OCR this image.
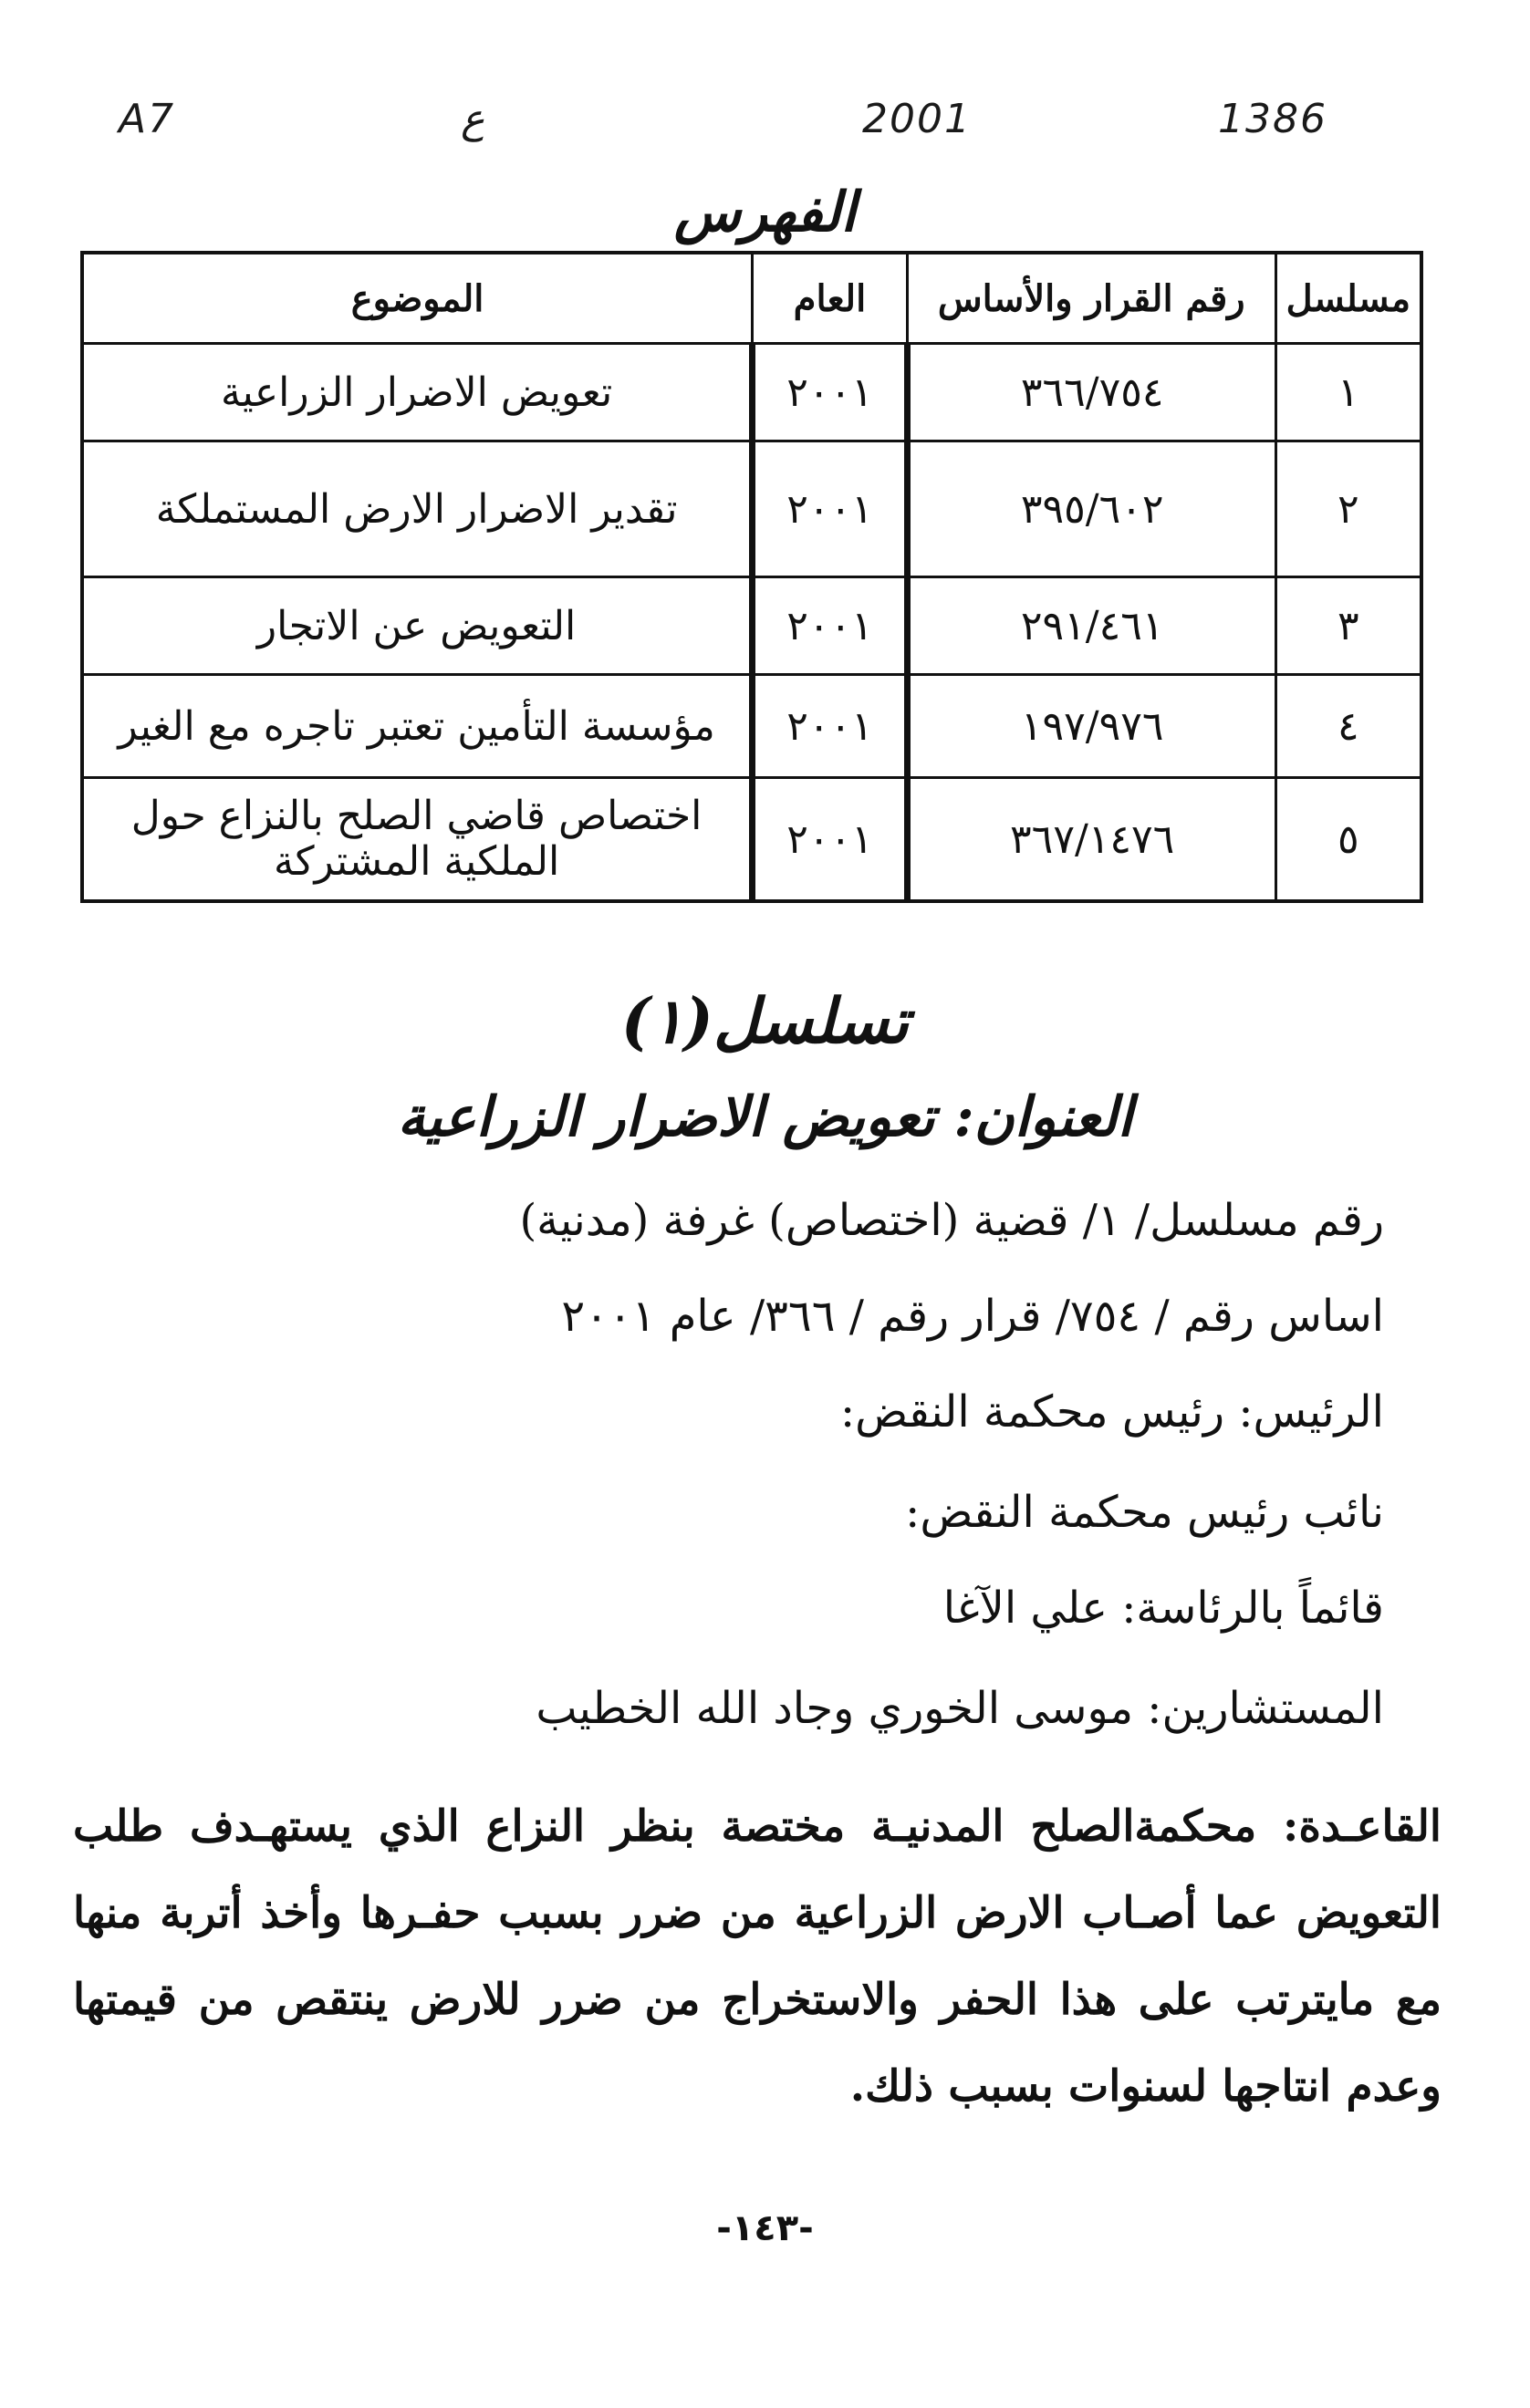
A7	ع	2001	1386
الفهرس
مسلسل	رقم القرار والأساس	العام	الموضوع
١	٣٦٦/٧٥٤	٢٠٠١	تعويض الاضرار الزراعية
٢	٣٩٥/٦٠٢	٢٠٠١	تقدير الاضرار الارض المستملكة
٣	٢٩١/٤٦١	٢٠٠١	التعويض عن الاتجار
٤	١٩٧/٩٧٦	٢٠٠١	مؤسسة التأمين تعتبر تاجره مع الغير
٥	٣٦٧/١٤٧٦	٢٠٠١	اختصاص قاضي الصلح بالنزاع حول الملكية المشتركة
تسلسل(١)
العنوان: تعويض الاضرار الزراعية
رقم مسلسل/ ١/ قضية (اختصاص) غرفة (مدنية)
اساس رقم / ٧٥٤/ قرار رقم / ٣٦٦/ عام ٢٠٠١
الرئيس: رئيس محكمة النقض:
نائب رئيس محكمة النقض:
قائماً بالرئاسة: علي الآغا
المستشارين: موسى الخوري وجاد الله الخطيب
القاعـدة: محكمةالصلح المدنيـة مختصة بنظر النزاع الذي يستهـدف طلب التعويض عما أصـاب الارض الزراعية من ضرر بسبب حفـرها وأخذ أتربة منها مع مايترتب على هذا الحفر والاستخراج من ضرر للارض ينتقص من قيمتها وعدم انتاجها لسنوات بسبب ذلك.
-١٤٣-
